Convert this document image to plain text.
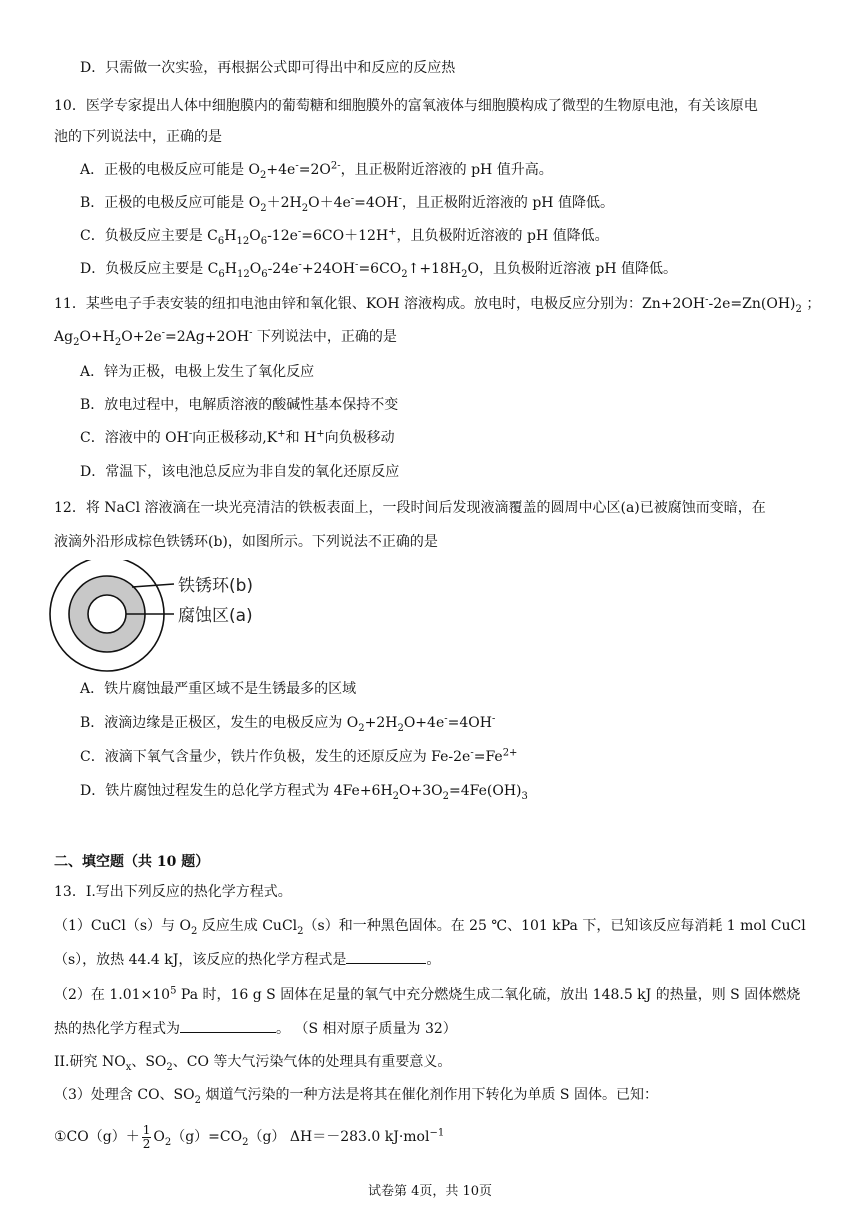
D．只需做一次实验，再根据公式即可得出中和反应的反应热
10．医学专家提出人体中细胞膜内的葡萄糖和细胞膜外的富氧液体与细胞膜构成了微型的生物原电池，有关该原电
池的下列说法中，正确的是
A．正极的电极反应可能是 $O_2+4e^-=2O^{2-}$，且正极附近溶液的 pH 值升高。
B．正极的电极反应可能是 $O_2+2H_2O+4e^-=4OH^-$，且正极附近溶液的 pH 值降低。
C．负极反应主要是 $C_6H_{12}O_6-12e^-=6CO+12H^+$，且负极附近溶液的 pH 值降低。
D．负极反应主要是 $C_6H_{12}O_6-24e^-+24OH^-=6CO_2↑+18H_2O$，且负极附近溶液 pH 值降低。
11．某些电子手表安装的纽扣电池由锌和氧化银、KOH 溶液构成。放电时，电极反应分别为：$Zn+2OH^--2e=Zn(OH)_2$ ；
$Ag_2O+H_2O+2e^-=2Ag+2OH^-$ 下列说法中，正确的是
A．锌为正极，电极上发生了氧化反应
B．放电过程中，电解质溶液的酸碱性基本保持不变
C．溶液中的 OH-向正极移动,K+和 H+向负极移动
D．常温下，该电池总反应为非自发的氧化还原反应
12．将 NaCl 溶液滴在一块光亮清洁的铁板表面上，一段时间后发现液滴覆盖的圆周中心区(a)已被腐蚀而变暗，在
液滴外沿形成棕色铁锈环(b)，如图所示。下列说法不正确的是
铁锈环(b)
腐蚀区(a)
A．铁片腐蚀最严重区域不是生锈最多的区域
B．液滴边缘是正极区，发生的电极反应为 $O_2+2H_2O+4e^-=4OH^-$
C．液滴下氧气含量少，铁片作负极，发生的还原反应为 $Fe-2e^-=Fe^{2+}$
D．铁片腐蚀过程发生的总化学方程式为 $4Fe+6H_2O+3O_2=4Fe(OH)_3$
二、填空题（共 10 题）
13．I.写出下列反应的热化学方程式。
（1）CuCl（s）与 $O_2$ 反应生成 CuCl$_2$（s）和一种黑色固体。在 25 ℃、101 kPa 下，已知该反应每消耗 1 mol CuCl
（s），放热 44.4 kJ，该反应的热化学方程式是	。
（2）在 $1.01\times 10^5$ Pa 时，16 g S 固体在足量的氧气中充分燃烧生成二氧化硫，放出 148.5 kJ 的热量，则 S 固体燃烧
热的热化学方程式为	。 （S 相对原子质量为 32）
II.研究 $NO_x$、$SO_2$、CO 等大气污染气体的处理具有重要意义。
（3）处理含 CO、$SO_2$ 烟道气污染的一种方法是将其在催化剂作用下转化为单质 S 固体。已知：
①CO（g）＋ $\frac{1}{2} O_2(g)=CO_2(g)$ ΔH＝－283.0 kJ·mol$^{-1}$
试卷第 4页，共 10页
